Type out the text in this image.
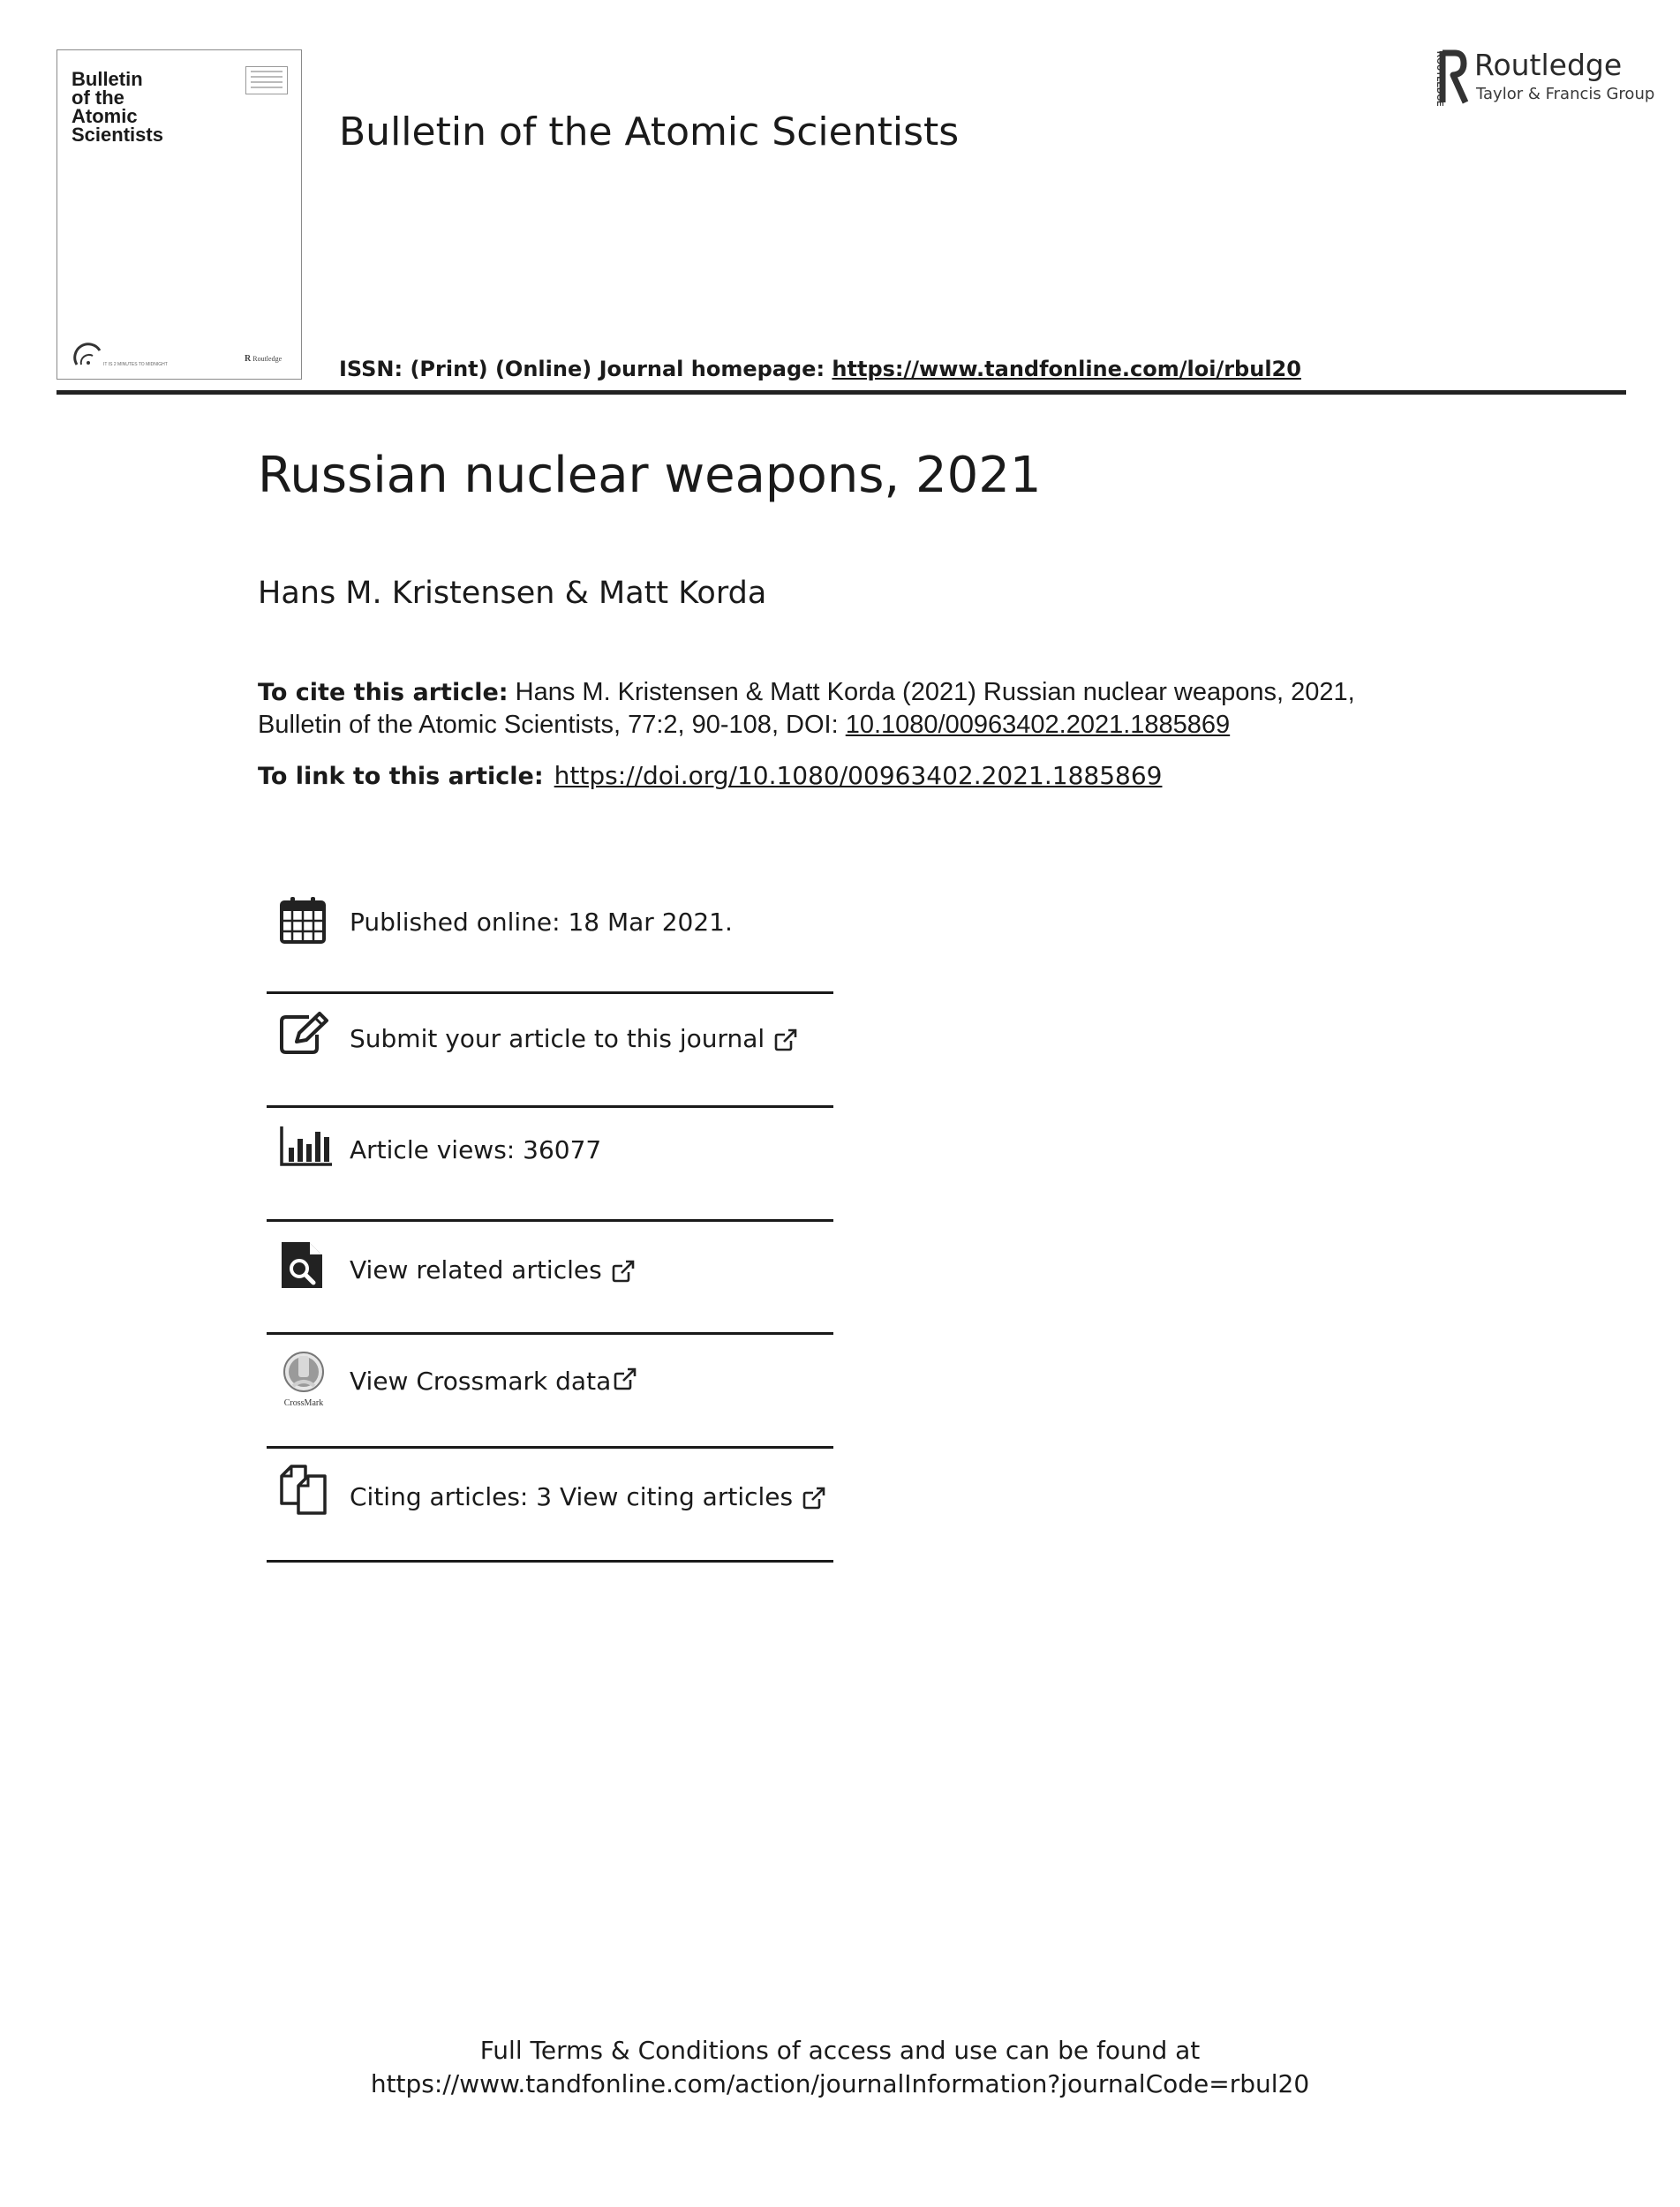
Bulletin
of the
Atomic
Scientists
IT IS 2 MINUTES TO MIDNIGHT
R Routledge
Bulletin of the Atomic Scientists
ISSN: (Print) (Online) Journal homepage: https://www.tandfonline.com/loi/rbul20
ROUTLEDGE Routledge
Taylor & Francis Group
Russian nuclear weapons, 2021
Hans M. Kristensen & Matt Korda
To cite this article: Hans M. Kristensen & Matt Korda (2021) Russian nuclear weapons, 2021, Bulletin of the Atomic Scientists, 77:2, 90-108, DOI: 10.1080/00963402.2021.1885869
To link to this article: https://doi.org/10.1080/00963402.2021.1885869
Published online: 18 Mar 2021.
Submit your article to this journal
Article views: 36077
View related articles
CrossMark
View Crossmark data
Citing articles: 3 View citing articles
Full Terms & Conditions of access and use can be found at
https://www.tandfonline.com/action/journalInformation?journalCode=rbul20
